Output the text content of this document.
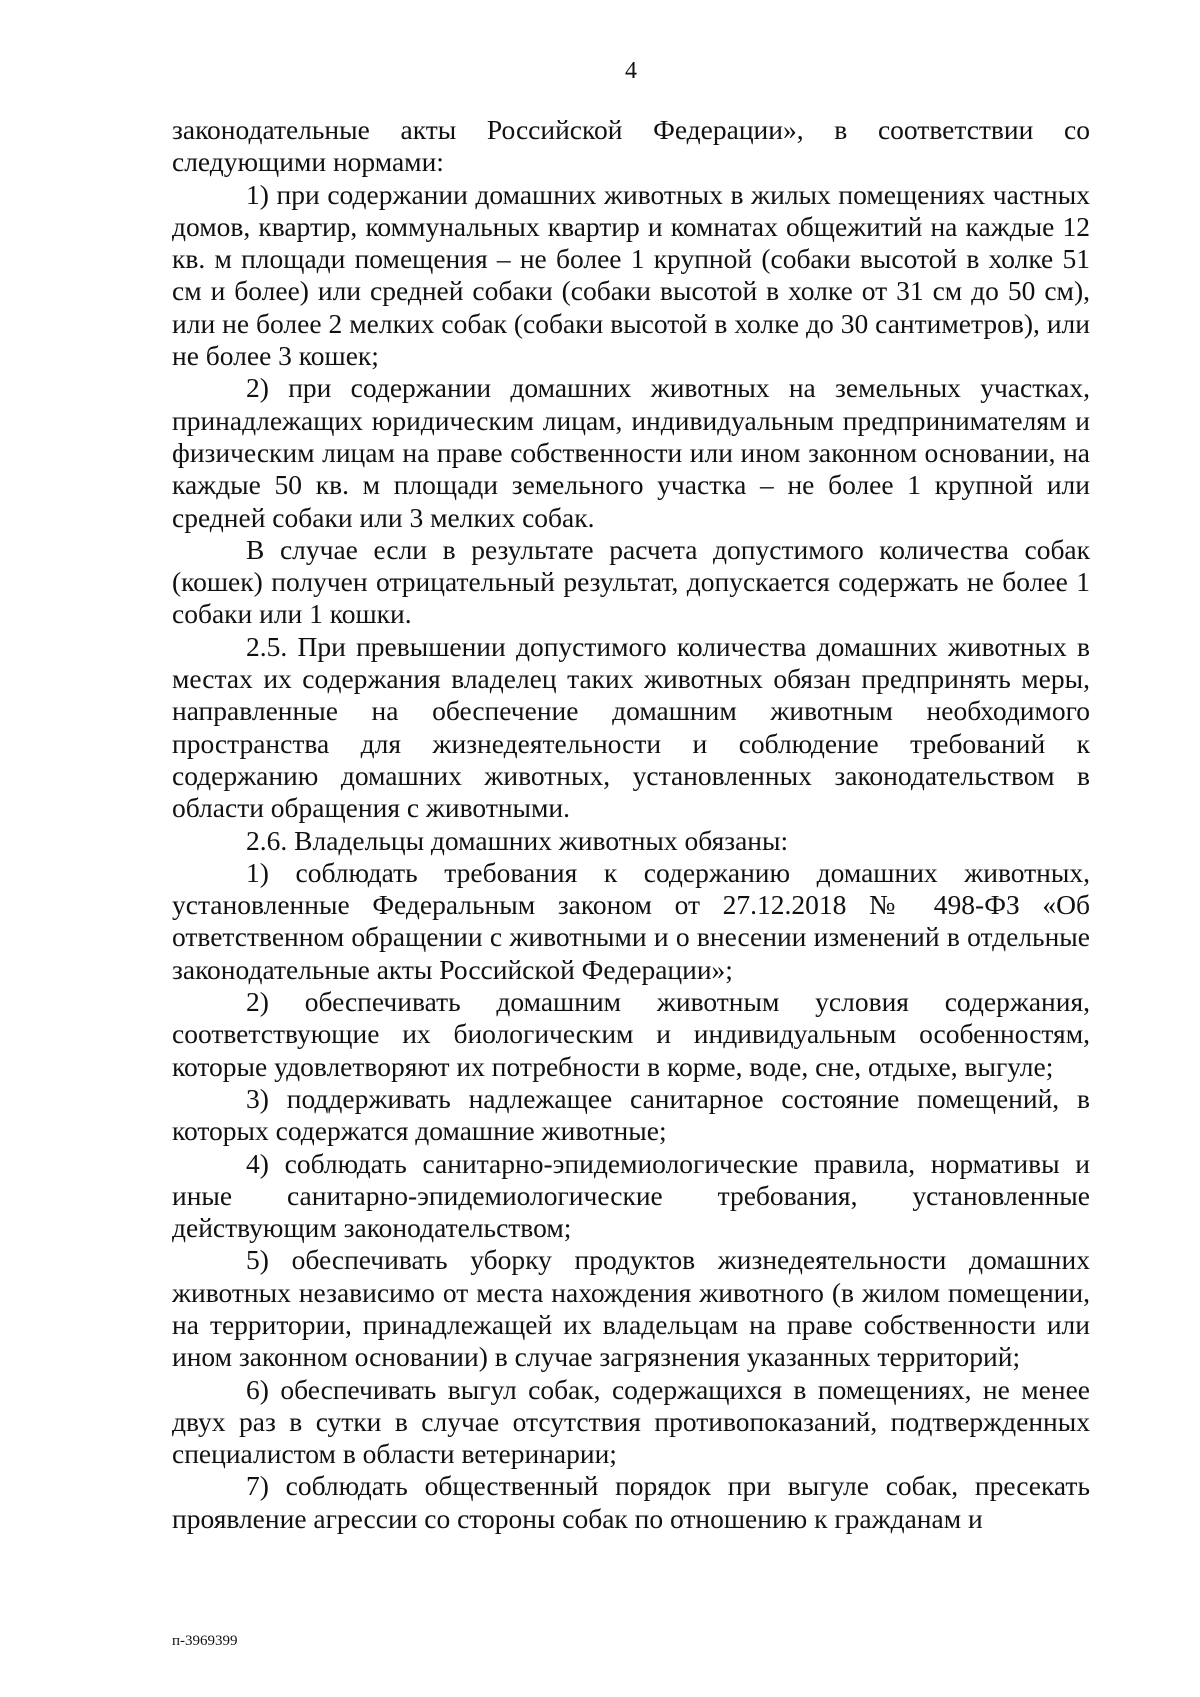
4

законодательные акты Российской Федерации», в соответствии со следующими нормами:

1) при содержании домашних животных в жилых помещениях частных домов, квартир, коммунальных квартир и комнатах общежитий на каждые 12 кв. м площади помещения – не более 1 крупной (собаки высотой в холке 51 см и более) или средней собаки (собаки высотой в холке от 31 см до 50 см), или не более 2 мелких собак (собаки высотой в холке до 30 сантиметров), или не более 3 кошек;

2) при содержании домашних животных на земельных участках, принадлежащих юридическим лицам, индивидуальным предпринимателям и физическим лицам на праве собственности или ином законном основании, на каждые 50 кв. м площади земельного участка – не более 1 крупной или средней собаки или 3 мелких собак.

В случае если в результате расчета допустимого количества собак (кошек) получен отрицательный результат, допускается содержать не более 1 собаки или 1 кошки.

2.5. При превышении допустимого количества домашних животных в местах их содержания владелец таких животных обязан предпринять меры, направленные на обеспечение домашним животным необходимого пространства для жизнедеятельности и соблюдение требований к содержанию домашних животных, установленных законодательством в области обращения с животными.

2.6. Владельцы домашних животных обязаны:

1) соблюдать требования к содержанию домашних животных, установленные Федеральным законом от 27.12.2018 № 498-ФЗ «Об ответственном обращении с животными и о внесении изменений в отдельные законодательные акты Российской Федерации»;

2) обеспечивать домашним животным условия содержания, соответствующие их биологическим и индивидуальным особенностям, которые удовлетворяют их потребности в корме, воде, сне, отдыхе, выгуле;

3) поддерживать надлежащее санитарное состояние помещений, в которых содержатся домашние животные;

4) соблюдать санитарно-эпидемиологические правила, нормативы и иные санитарно-эпидемиологические требования, установленные действующим законодательством;

5) обеспечивать уборку продуктов жизнедеятельности домашних животных независимо от места нахождения животного (в жилом помещении, на территории, принадлежащей их владельцам на праве собственности или ином законном основании) в случае загрязнения указанных территорий;

6) обеспечивать выгул собак, содержащихся в помещениях, не менее двух раз в сутки в случае отсутствия противопоказаний, подтвержденных специалистом в области ветеринарии;

7) соблюдать общественный порядок при выгуле собак, пресекать проявление агрессии со стороны собак по отношению к гражданам и

п-3969399
